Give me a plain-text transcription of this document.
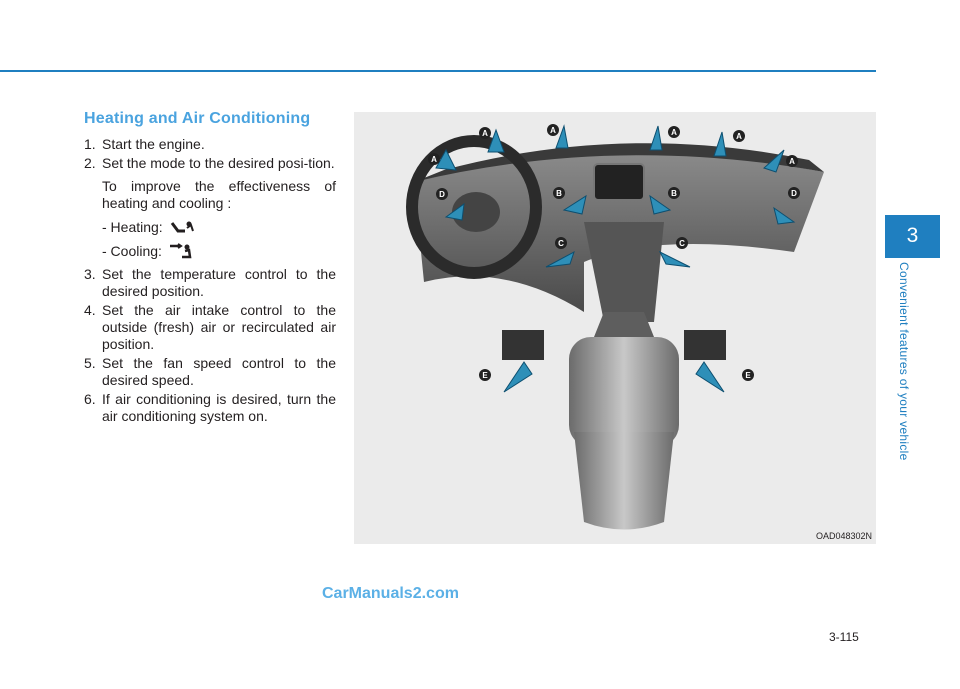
Heating and Air Conditioning
1. Start the engine.
2. Set the mode to the desired posi-tion.
To improve the effectiveness of heating and cooling :
- Heating:
- Cooling:
3. Set the temperature control to the desired position.
4. Set the air intake control to the outside (fresh) air or recirculated air position.
5. Set the fan speed control to the desired speed.
6. If air conditioning is desired, turn the air conditioning system on.
A	A	A	A
A	A
D	D
B	B
C	C
E	E
OAD048302N
3
Convenient features of your vehicle
CarManuals2.com
3-115
